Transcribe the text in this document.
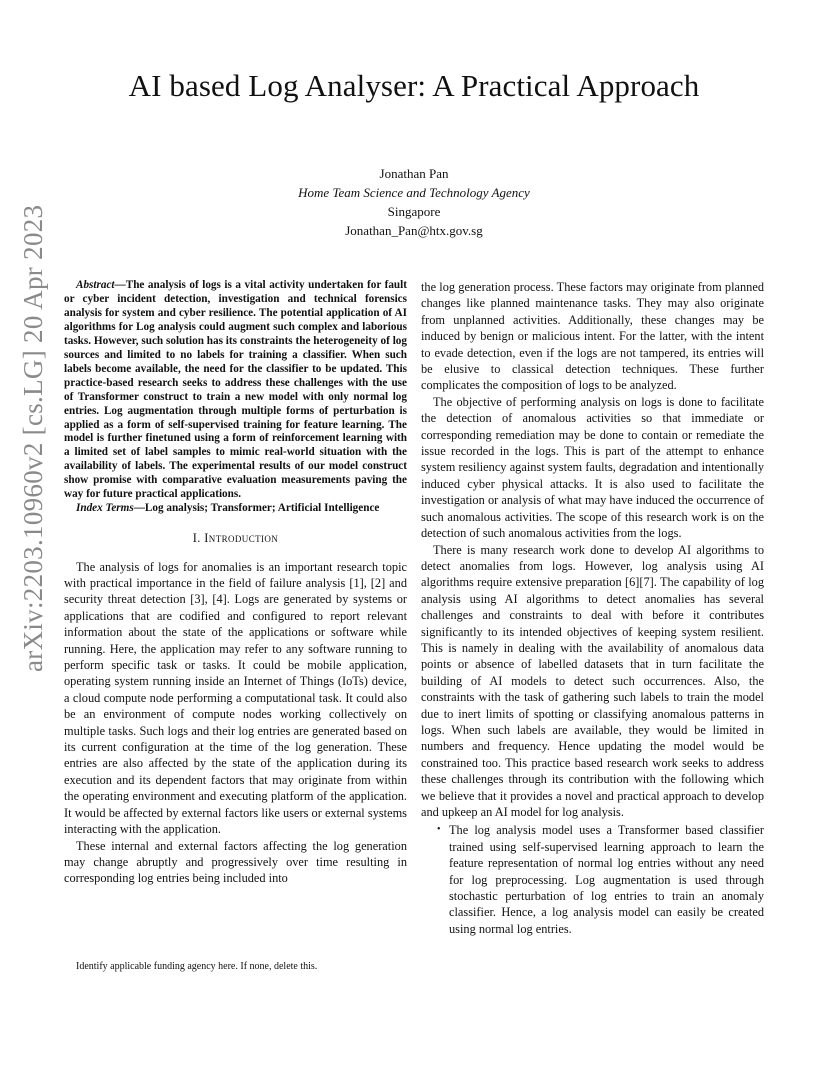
AI based Log Analyser: A Practical Approach
Jonathan Pan
Home Team Science and Technology Agency
Singapore
Jonathan_Pan@htx.gov.sg
arXiv:2203.10960v2 [cs.LG] 20 Apr 2023	Abstract—The analysis of logs is a vital activity undertaken for fault or cyber incident detection, investigation and technical forensics analysis for system and cyber resilience. The potential application of AI algorithms for Log analysis could augment such complex and laborious tasks. However, such solution has its constraints the heterogeneity of log sources and limited to no labels for training a classifier. When such labels become available, the need for the classifier to be updated. This practice-based research seeks to address these challenges with the use of Transformer construct to train a new model with only normal log entries. Log augmentation through multiple forms of perturbation is applied as a form of self-supervised training for feature learning. The model is further finetuned using a form of reinforcement learning with a limited set of label samples to mimic real-world situation with the availability of labels. The experimental results of our model construct show promise with comparative evaluation measurements paving the way for future practical applications.

Index Terms—Log analysis; Transformer; Artificial Intelligence

I. Introduction

The analysis of logs for anomalies is an important research topic with practical importance in the field of failure analysis [1], [2] and security threat detection [3], [4]. Logs are generated by systems or applications that are codified and configured to report relevant information about the state of the applications or software while running. Here, the application may refer to any software running to perform specific task or tasks. It could be mobile application, operating system running inside an Internet of Things (IoTs) device, a cloud compute node performing a computational task. It could also be an environment of compute nodes working collectively on multiple tasks. Such logs and their log entries are generated based on its current configuration at the time of the log generation. These entries are also affected by the state of the application during its execution and its dependent factors that may originate from within the operating environment and executing platform of the application. It would be affected by external factors like users or external systems interacting with the application.

These internal and external factors affecting the log generation may change abruptly and progressively over time resulting in corresponding log entries being included into

Identify applicable funding agency here. If none, delete this.

the log generation process. These factors may originate from planned changes like planned maintenance tasks. They may also originate from unplanned activities. Additionally, these changes may be induced by benign or malicious intent. For the latter, with the intent to evade detection, even if the logs are not tampered, its entries will be elusive to classical detection techniques. These further complicates the composition of logs to be analyzed.

The objective of performing analysis on logs is done to facilitate the detection of anomalous activities so that immediate or corresponding remediation may be done to contain or remediate the issue recorded in the logs. This is part of the attempt to enhance system resiliency against system faults, degradation and intentionally induced cyber physical attacks. It is also used to facilitate the investigation or analysis of what may have induced the occurrence of such anomalous activities. The scope of this research work is on the detection of such anomalous activities from the logs.

There is many research work done to develop AI algorithms to detect anomalies from logs. However, log analysis using AI algorithms require extensive preparation [6][7]. The capability of log analysis using AI algorithms to detect anomalies has several challenges and constraints to deal with before it contributes significantly to its intended objectives of keeping system resilient. This is namely in dealing with the availability of anomalous data points or absence of labelled datasets that in turn facilitate the building of AI models to detect such occurrences. Also, the constraints with the task of gathering such labels to train the model due to inert limits of spotting or classifying anomalous patterns in logs. When such labels are available, they would be limited in numbers and frequency. Hence updating the model would be constrained too. This practice based research work seeks to address these challenges through its contribution with the following which we believe that it provides a novel and practical approach to develop and upkeep an AI model for log analysis.

• The log analysis model uses a Transformer based classifier trained using self-supervised learning approach to learn the feature representation of normal log entries without any need for log preprocessing. Log augmentation is used through stochastic perturbation of log entries to train an anomaly classifier. Hence, a log analysis model can easily be created using normal log entries.
